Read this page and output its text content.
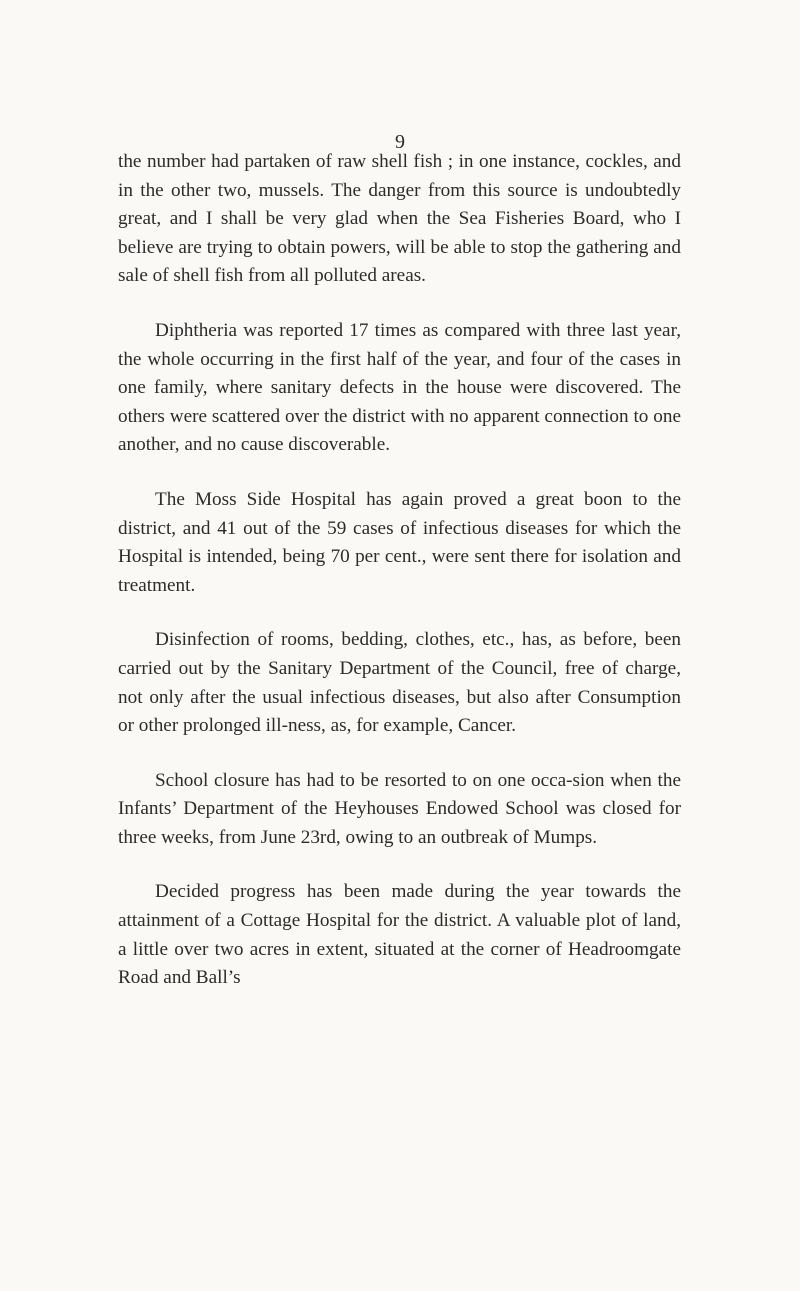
9

the number had partaken of raw shell fish ; in one instance, cockles, and in the other two, mussels. The danger from this source is undoubtedly great, and I shall be very glad when the Sea Fisheries Board, who I believe are trying to obtain powers, will be able to stop the gathering and sale of shell fish from all polluted areas.

Diphtheria was reported 17 times as compared with three last year, the whole occurring in the first half of the year, and four of the cases in one family, where sanitary defects in the house were discovered. The others were scattered over the district with no apparent connection to one another, and no cause discoverable.

The Moss Side Hospital has again proved a great boon to the district, and 41 out of the 59 cases of infectious diseases for which the Hospital is intended, being 70 per cent., were sent there for isolation and treatment.

Disinfection of rooms, bedding, clothes, etc., has, as before, been carried out by the Sanitary Department of the Council, free of charge, not only after the usual infectious diseases, but also after Consumption or other prolonged ill-ness, as, for example, Cancer.

School closure has had to be resorted to on one occa-sion when the Infants’ Department of the Heyhouses Endowed School was closed for three weeks, from June 23rd, owing to an outbreak of Mumps.

Decided progress has been made during the year towards the attainment of a Cottage Hospital for the district. A valuable plot of land, a little over two acres in extent, situated at the corner of Headroomgate Road and Ball’s
